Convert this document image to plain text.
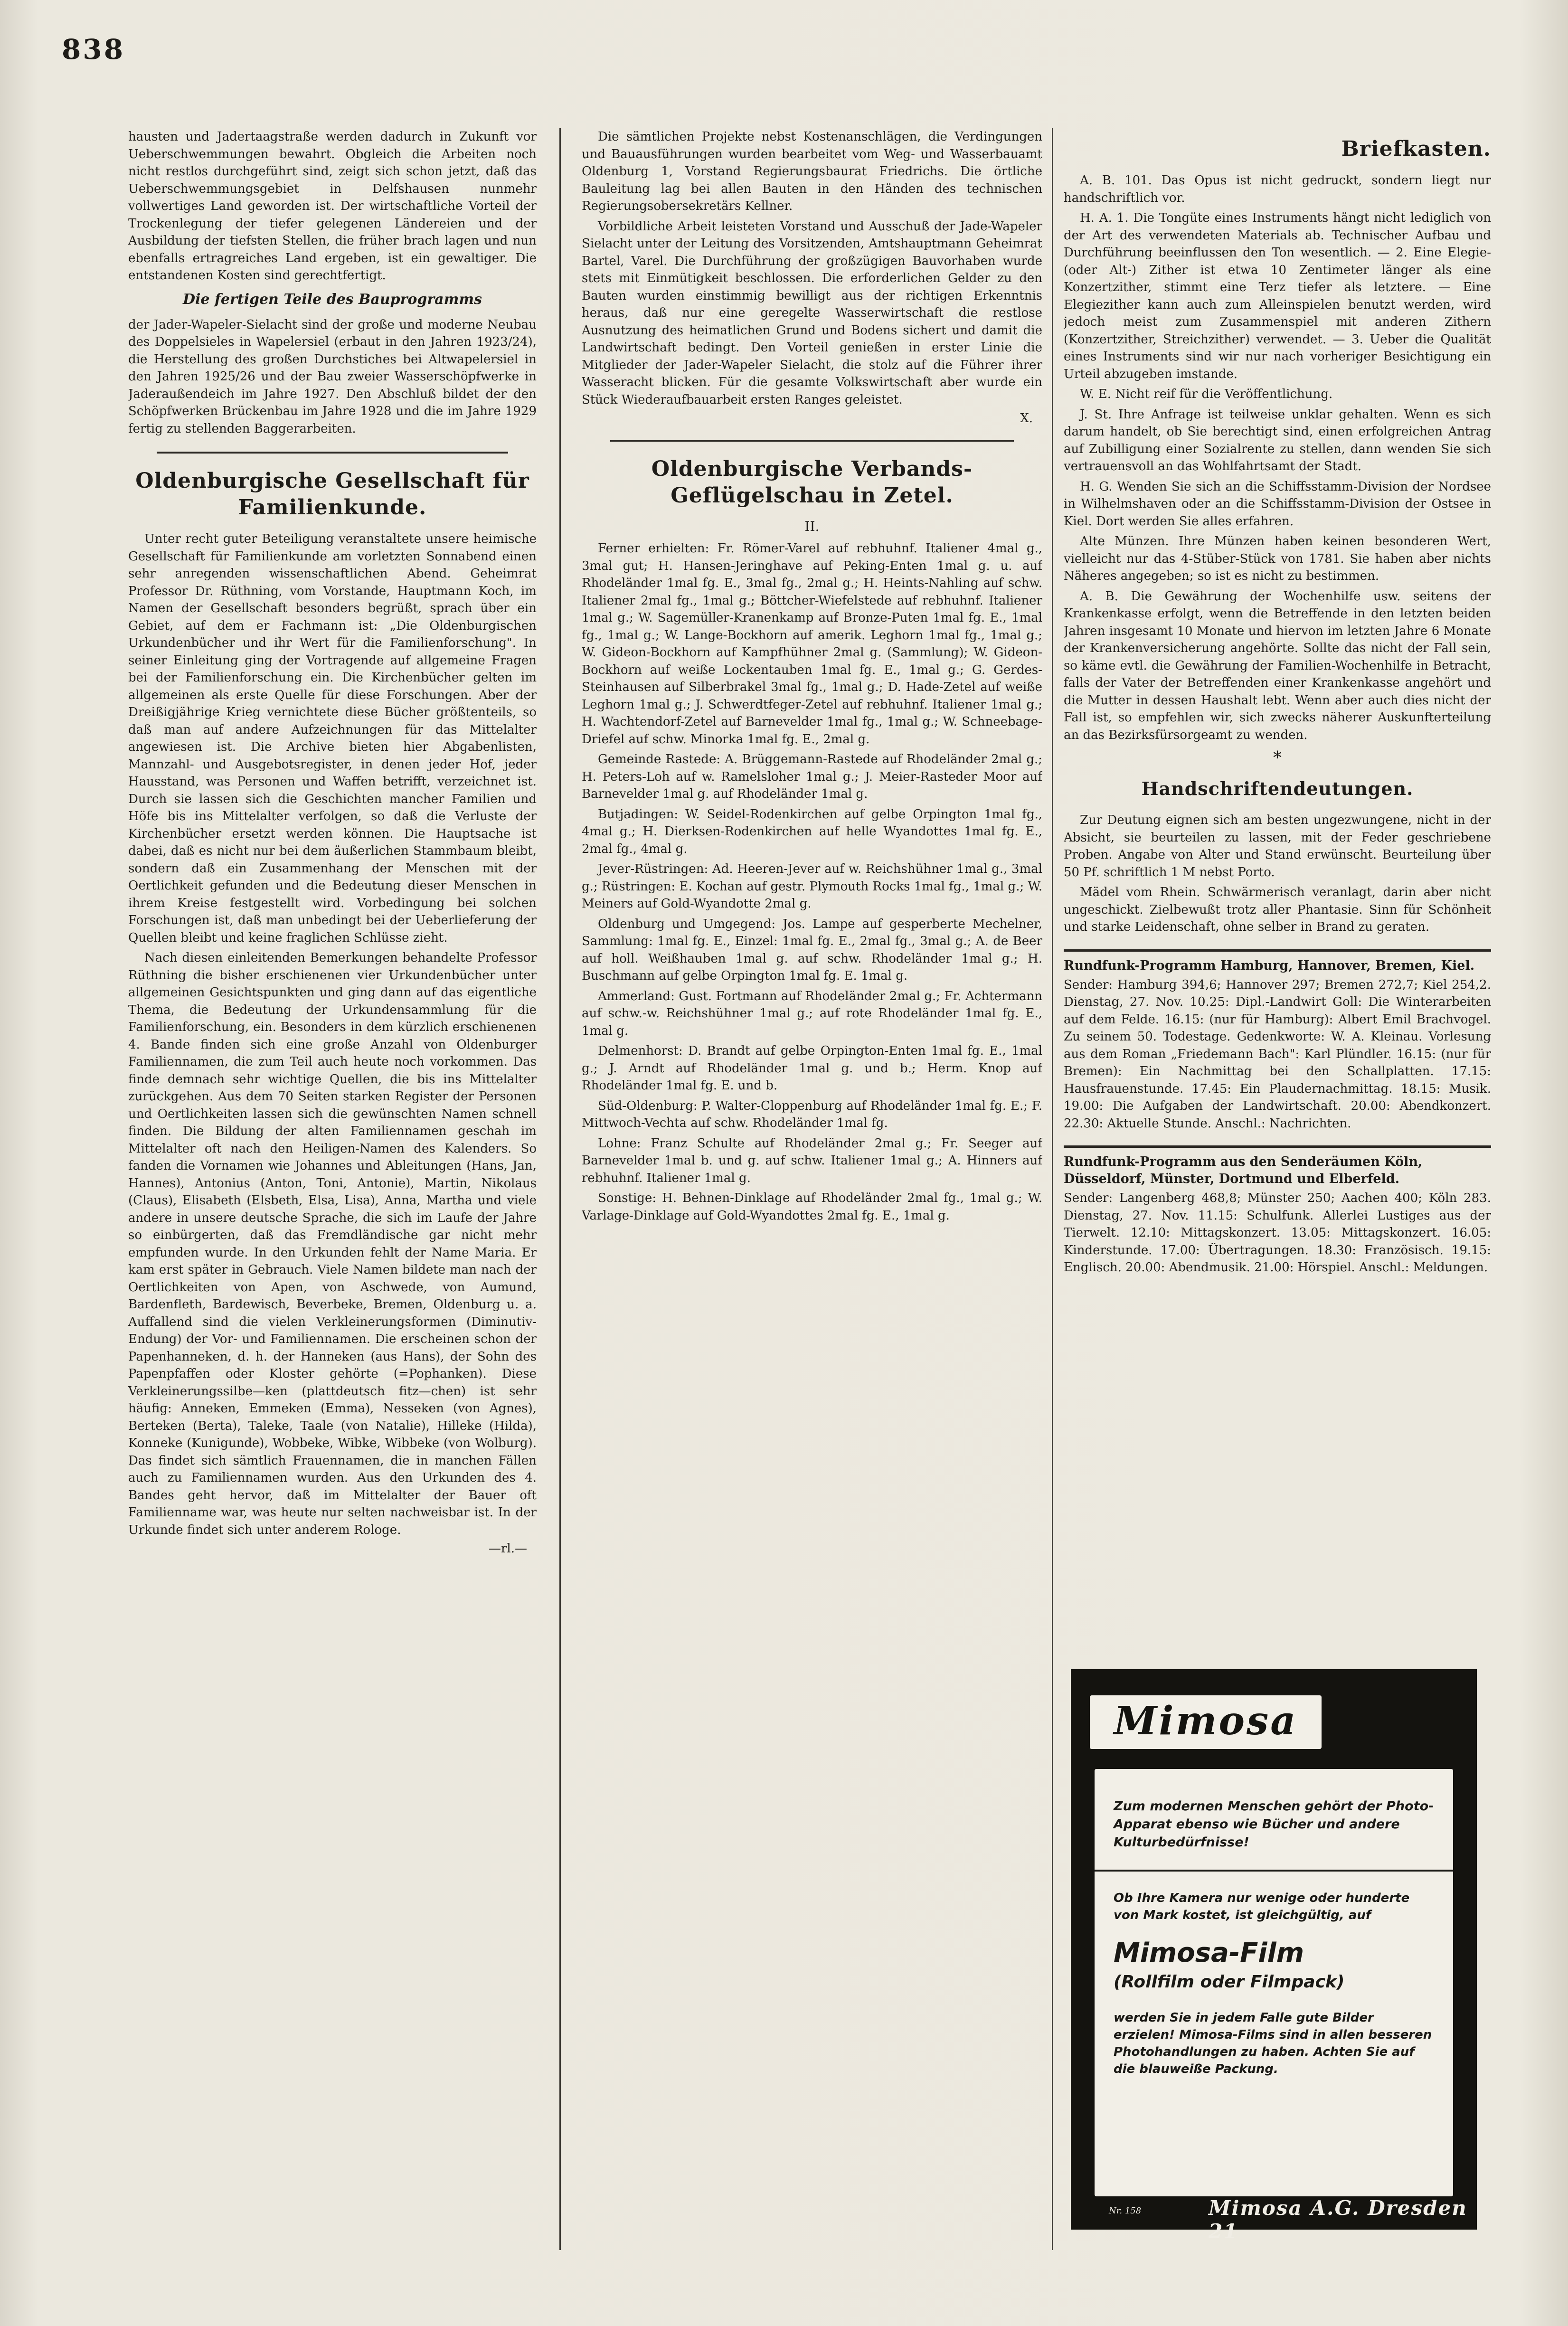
838

hausten und Jadertaagstraße werden dadurch in Zukunft vor Ueberschwemmungen bewahrt. Obgleich die Arbeiten noch nicht restlos durchgeführt sind, zeigt sich schon jetzt, daß das Ueberschwemmungsgebiet in Delfshausen nunmehr vollwertiges Land geworden ist. Der wirtschaftliche Vorteil der Trockenlegung der tiefer gelegenen Ländereien und der Ausbildung der tiefsten Stellen, die früher brach lagen und nun ebenfalls ertragreiches Land ergeben, ist ein gewaltiger. Die entstandenen Kosten sind gerechtfertigt.

Die fertigen Teile des Bauprogramms

der Jader-Wapeler-Sielacht sind der große und moderne Neubau des Doppelsieles in Wapelersiel (erbaut in den Jahren 1923/24), die Herstellung des großen Durchstiches bei Altwapelersiel in den Jahren 1925/26 und der Bau zweier Wasserschöpfwerke in Jaderaußendeich im Jahre 1927. Den Abschluß bildet der den Schöpfwerken Brückenbau im Jahre 1928 und die im Jahre 1929 fertig zu stellenden Baggerarbeiten.

Oldenburgische Gesellschaft für Familienkunde.

Unter recht guter Beteiligung veranstaltete unsere heimische Gesellschaft für Familienkunde am vorletzten Sonnabend einen sehr anregenden wissenschaftlichen Abend. Geheimrat Professor Dr. Rüthning, vom Vorstande, Hauptmann Koch, im Namen der Gesellschaft besonders begrüßt, sprach über ein Gebiet, auf dem er Fachmann ist: „Die Oldenburgischen Urkundenbücher und ihr Wert für die Familienforschung". In seiner Einleitung ging der Vortragende auf allgemeine Fragen bei der Familienforschung ein. Die Kirchenbücher gelten im allgemeinen als erste Quelle für diese Forschungen. Aber der Dreißigjährige Krieg vernichtete diese Bücher größtenteils, so daß man auf andere Aufzeichnungen für das Mittelalter angewiesen ist. Die Archive bieten hier Abgabenlisten, Mannzahl- und Ausgebotsregister, in denen jeder Hof, jeder Hausstand, was Personen und Waffen betrifft, verzeichnet ist. Durch sie lassen sich die Geschichten mancher Familien und Höfe bis ins Mittelalter verfolgen, so daß die Verluste der Kirchenbücher ersetzt werden können. Die Hauptsache ist dabei, daß es nicht nur bei dem äußerlichen Stammbaum bleibt, sondern daß ein Zusammenhang der Menschen mit der Oertlichkeit gefunden und die Bedeutung dieser Menschen in ihrem Kreise festgestellt wird. Vorbedingung bei solchen Forschungen ist, daß man unbedingt bei der Ueberlieferung der Quellen bleibt und keine fraglichen Schlüsse zieht.

Nach diesen einleitenden Bemerkungen behandelte Professor Rüthning die bisher erschienenen vier Urkundenbücher unter allgemeinen Gesichtspunkten und ging dann auf das eigentliche Thema, die Bedeutung der Urkundensammlung für die Familienforschung, ein. Besonders in dem kürzlich erschienenen 4. Bande finden sich eine große Anzahl von Oldenburger Familiennamen, die zum Teil auch heute noch vorkommen. Das finde demnach sehr wichtige Quellen, die bis ins Mittelalter zurückgehen. Aus dem 70 Seiten starken Register der Personen und Oertlichkeiten lassen sich die gewünschten Namen schnell finden. Die Bildung der alten Familiennamen geschah im Mittelalter oft nach den Heiligen-Namen des Kalenders. So fanden die Vornamen wie Johannes und Ableitungen (Hans, Jan, Hannes), Antonius (Anton, Toni, Antonie), Martin, Nikolaus (Claus), Elisabeth (Elsbeth, Elsa, Lisa), Anna, Martha und viele andere in unsere deutsche Sprache, die sich im Laufe der Jahre so einbürgerten, daß das Fremdländische gar nicht mehr empfunden wurde. In den Urkunden fehlt der Name Maria. Er kam erst später in Gebrauch. Viele Namen bildete man nach der Oertlichkeiten von Apen, von Aschwede, von Aumund, Bardenfleth, Bardewisch, Beverbeke, Bremen, Oldenburg u. a. Auffallend sind die vielen Verkleinerungsformen (Diminutiv-Endung) der Vor- und Familiennamen. Die erscheinen schon der Papenhanneken, d. h. der Hanneken (aus Hans), der Sohn des Papenpfaffen oder Kloster gehörte (=Pophanken). Diese Verkleinerungssilbe—ken (plattdeutsch fitz—chen) ist sehr häufig: Anneken, Emmeken (Emma), Nesseken (von Agnes), Berteken (Berta), Taleke, Taale (von Natalie), Hilleke (Hilda), Konneke (Kunigunde), Wobbeke, Wibke, Wibbeke (von Wolburg). Das findet sich sämtlich Frauennamen, die in manchen Fällen auch zu Familiennamen wurden. Aus den Urkunden des 4. Bandes geht hervor, daß im Mittelalter der Bauer oft Familienname war, was heute nur selten nachweisbar ist. In der Urkunde findet sich unter anderem Rologe.

—rl.—

Die sämtlichen Projekte nebst Kostenanschlägen, die Verdingungen und Bauausführungen wurden bearbeitet vom Weg- und Wasserbauamt Oldenburg 1, Vorstand Regierungsbaurat Friedrichs. Die örtliche Bauleitung lag bei allen Bauten in den Händen des technischen Regierungsobersekretärs Kellner.

Vorbildliche Arbeit leisteten Vorstand und Ausschuß der Jade-Wapeler Sielacht unter der Leitung des Vorsitzenden, Amtshauptmann Geheimrat Bartel, Varel. Die Durchführung der großzügigen Bauvorhaben wurde stets mit Einmütigkeit beschlossen. Die erforderlichen Gelder zu den Bauten wurden einstimmig bewilligt aus der richtigen Erkenntnis heraus, daß nur eine geregelte Wasserwirtschaft die restlose Ausnutzung des heimatlichen Grund und Bodens sichert und damit die Landwirtschaft bedingt. Den Vorteil genießen in erster Linie die Mitglieder der Jader-Wapeler Sielacht, die stolz auf die Führer ihrer Wasseracht blicken. Für die gesamte Volkswirtschaft aber wurde ein Stück Wiederaufbauarbeit ersten Ranges geleistet.

X.
Oldenburgische Verbands-Geflügelschau in Zetel.
II.

Ferner erhielten: Fr. Römer-Varel auf rebhuhnf. Italiener 4mal g., 3mal gut; H. Hansen-Jeringhave auf Peking-Enten 1mal g. u. auf Rhodeländer 1mal fg. E., 3mal fg., 2mal g.; H. Heints-Nahling auf schw. Italiener 2mal fg., 1mal g.; Böttcher-Wiefelstede auf rebhuhnf. Italiener 1mal g.; W. Sagemüller-Kranenkamp auf Bronze-Puten 1mal fg. E., 1mal fg., 1mal g.; W. Lange-Bockhorn auf amerik. Leghorn 1mal fg., 1mal g.; W. Gideon-Bockhorn auf Kampfhühner 2mal g. (Sammlung); W. Gideon-Bockhorn auf weiße Lockentauben 1mal fg. E., 1mal g.; G. Gerdes-Steinhausen auf Silberbrakel 3mal fg., 1mal g.; D. Hade-Zetel auf weiße Leghorn 1mal g.; J. Schwerdtfeger-Zetel auf rebhuhnf. Italiener 1mal g.; H. Wachtendorf-Zetel auf Barnevelder 1mal fg., 1mal g.; W. Schneebage-Driefel auf schw. Minorka 1mal fg. E., 2mal g.

Gemeinde Rastede: A. Brüggemann-Rastede auf Rhodeländer 2mal g.; H. Peters-Loh auf w. Ramelsloher 1mal g.; J. Meier-Rasteder Moor auf Barnevelder 1mal g. auf Rhodeländer 1mal g.

Butjadingen: W. Seidel-Rodenkirchen auf gelbe Orpington 1mal fg., 4mal g.; H. Dierksen-Rodenkirchen auf helle Wyandottes 1mal fg. E., 2mal fg., 4mal g.

Jever-Rüstringen: Ad. Heeren-Jever auf w. Reichshühner 1mal g., 3mal g.; Rüstringen: E. Kochan auf gestr. Plymouth Rocks 1mal fg., 1mal g.; W. Meiners auf Gold-Wyandotte 2mal g.

Oldenburg und Umgegend: Jos. Lampe auf gesperberte Mechelner, Sammlung: 1mal fg. E., Einzel: 1mal fg. E., 2mal fg., 3mal g.; A. de Beer auf holl. Weißhauben 1mal g. auf schw. Rhodeländer 1mal g.; H. Buschmann auf gelbe Orpington 1mal fg. E. 1mal g.

Ammerland: Gust. Fortmann auf Rhodeländer 2mal g.; Fr. Achtermann auf schw.-w. Reichshühner 1mal g.; auf rote Rhodeländer 1mal fg. E., 1mal g.

Delmenhorst: D. Brandt auf gelbe Orpington-Enten 1mal fg. E., 1mal g.; J. Arndt auf Rhodeländer 1mal g. und b.; Herm. Knop auf Rhodeländer 1mal fg. E. und b.

Süd-Oldenburg: P. Walter-Cloppenburg auf Rhodeländer 1mal fg. E.; F. Mittwoch-Vechta auf schw. Rhodeländer 1mal fg.

Lohne: Franz Schulte auf Rhodeländer 2mal g.; Fr. Seeger auf Barnevelder 1mal b. und g. auf schw. Italiener 1mal g.; A. Hinners auf rebhuhnf. Italiener 1mal g.

Sonstige: H. Behnen-Dinklage auf Rhodeländer 2mal fg., 1mal g.; W. Varlage-Dinklage auf Gold-Wyandottes 2mal fg. E., 1mal g.

Briefkasten.

A. B. 101. Das Opus ist nicht gedruckt, sondern liegt nur handschriftlich vor.

H. A. 1. Die Tongüte eines Instruments hängt nicht lediglich von der Art des verwendeten Materials ab. Technischer Aufbau und Durchführung beeinflussen den Ton wesentlich. — 2. Eine Elegie- (oder Alt-) Zither ist etwa 10 Zentimeter länger als eine Konzertzither, stimmt eine Terz tiefer als letztere. — Eine Elegiezither kann auch zum Alleinspielen benutzt werden, wird jedoch meist zum Zusammenspiel mit anderen Zithern (Konzertzither, Streichzither) verwendet. — 3. Ueber die Qualität eines Instruments sind wir nur nach vorheriger Besichtigung ein Urteil abzugeben imstande.

W. E. Nicht reif für die Veröffentlichung.

J. St. Ihre Anfrage ist teilweise unklar gehalten. Wenn es sich darum handelt, ob Sie berechtigt sind, einen erfolgreichen Antrag auf Zubilligung einer Sozialrente zu stellen, dann wenden Sie sich vertrauensvoll an das Wohlfahrtsamt der Stadt.

H. G. Wenden Sie sich an die Schiffsstamm-Division der Nordsee in Wilhelmshaven oder an die Schiffsstamm-Division der Ostsee in Kiel. Dort werden Sie alles erfahren.

Alte Münzen. Ihre Münzen haben keinen besonderen Wert, vielleicht nur das 4-Stüber-Stück von 1781. Sie haben aber nichts Näheres angegeben; so ist es nicht zu bestimmen.

A. B. Die Gewährung der Wochenhilfe usw. seitens der Krankenkasse erfolgt, wenn die Betreffende in den letzten beiden Jahren insgesamt 10 Monate und hiervon im letzten Jahre 6 Monate der Krankenversicherung angehörte. Sollte das nicht der Fall sein, so käme evtl. die Gewährung der Familien-Wochenhilfe in Betracht, falls der Vater der Betreffenden einer Krankenkasse angehört und die Mutter in dessen Haushalt lebt. Wenn aber auch dies nicht der Fall ist, so empfehlen wir, sich zwecks näherer Auskunfterteilung an das Bezirksfürsorgeamt zu wenden.

*
Handschriftendeutungen.

Zur Deutung eignen sich am besten ungezwungene, nicht in der Absicht, sie beurteilen zu lassen, mit der Feder geschriebene Proben. Angabe von Alter und Stand erwünscht. Beurteilung über 50 Pf. schriftlich 1 M nebst Porto.

Mädel vom Rhein. Schwärmerisch veranlagt, darin aber nicht ungeschickt. Zielbewußt trotz aller Phantasie. Sinn für Schönheit und starke Leidenschaft, ohne selber in Brand zu geraten.

Rundfunk-Programm Hamburg, Hannover, Bremen, Kiel.

Sender: Hamburg 394,6; Hannover 297; Bremen 272,7; Kiel 254,2. Dienstag, 27. Nov. 10.25: Dipl.-Landwirt Goll: Die Winterarbeiten auf dem Felde. 16.15: (nur für Hamburg): Albert Emil Brachvogel. Zu seinem 50. Todestage. Gedenkworte: W. A. Kleinau. Vorlesung aus dem Roman „Friedemann Bach": Karl Plündler. 16.15: (nur für Bremen): Ein Nachmittag bei den Schallplatten. 17.15: Hausfrauenstunde. 17.45: Ein Plaudernachmittag. 18.15: Musik. 19.00: Die Aufgaben der Landwirtschaft. 20.00: Abendkonzert. 22.30: Aktuelle Stunde. Anschl.: Nachrichten.

Rundfunk-Programm aus den Senderäumen Köln, Düsseldorf, Münster, Dortmund und Elberfeld.

Sender: Langenberg 468,8; Münster 250; Aachen 400; Köln 283. Dienstag, 27. Nov. 11.15: Schulfunk. Allerlei Lustiges aus der Tierwelt. 12.10: Mittagskonzert. 13.05: Mittagskonzert. 16.05: Kinderstunde. 17.00: Übertragungen. 18.30: Französisch. 19.15: Englisch. 20.00: Abendmusik. 21.00: Hörspiel. Anschl.: Meldungen.

Mimosa
Zum modernen Menschen gehört der Photo-Apparat ebenso wie Bücher und andere Kulturbedürfnisse!
Ob Ihre Kamera nur wenige oder hunderte von Mark kostet, ist gleichgültig, auf
Mimosa-Film
(Rollfilm oder Filmpack)
werden Sie in jedem Falle gute Bilder erzielen! Mimosa-Films sind in allen besseren Photohandlungen zu haben. Achten Sie auf die blauweiße Packung.
Nr. 158	Mimosa A.G. Dresden 21
